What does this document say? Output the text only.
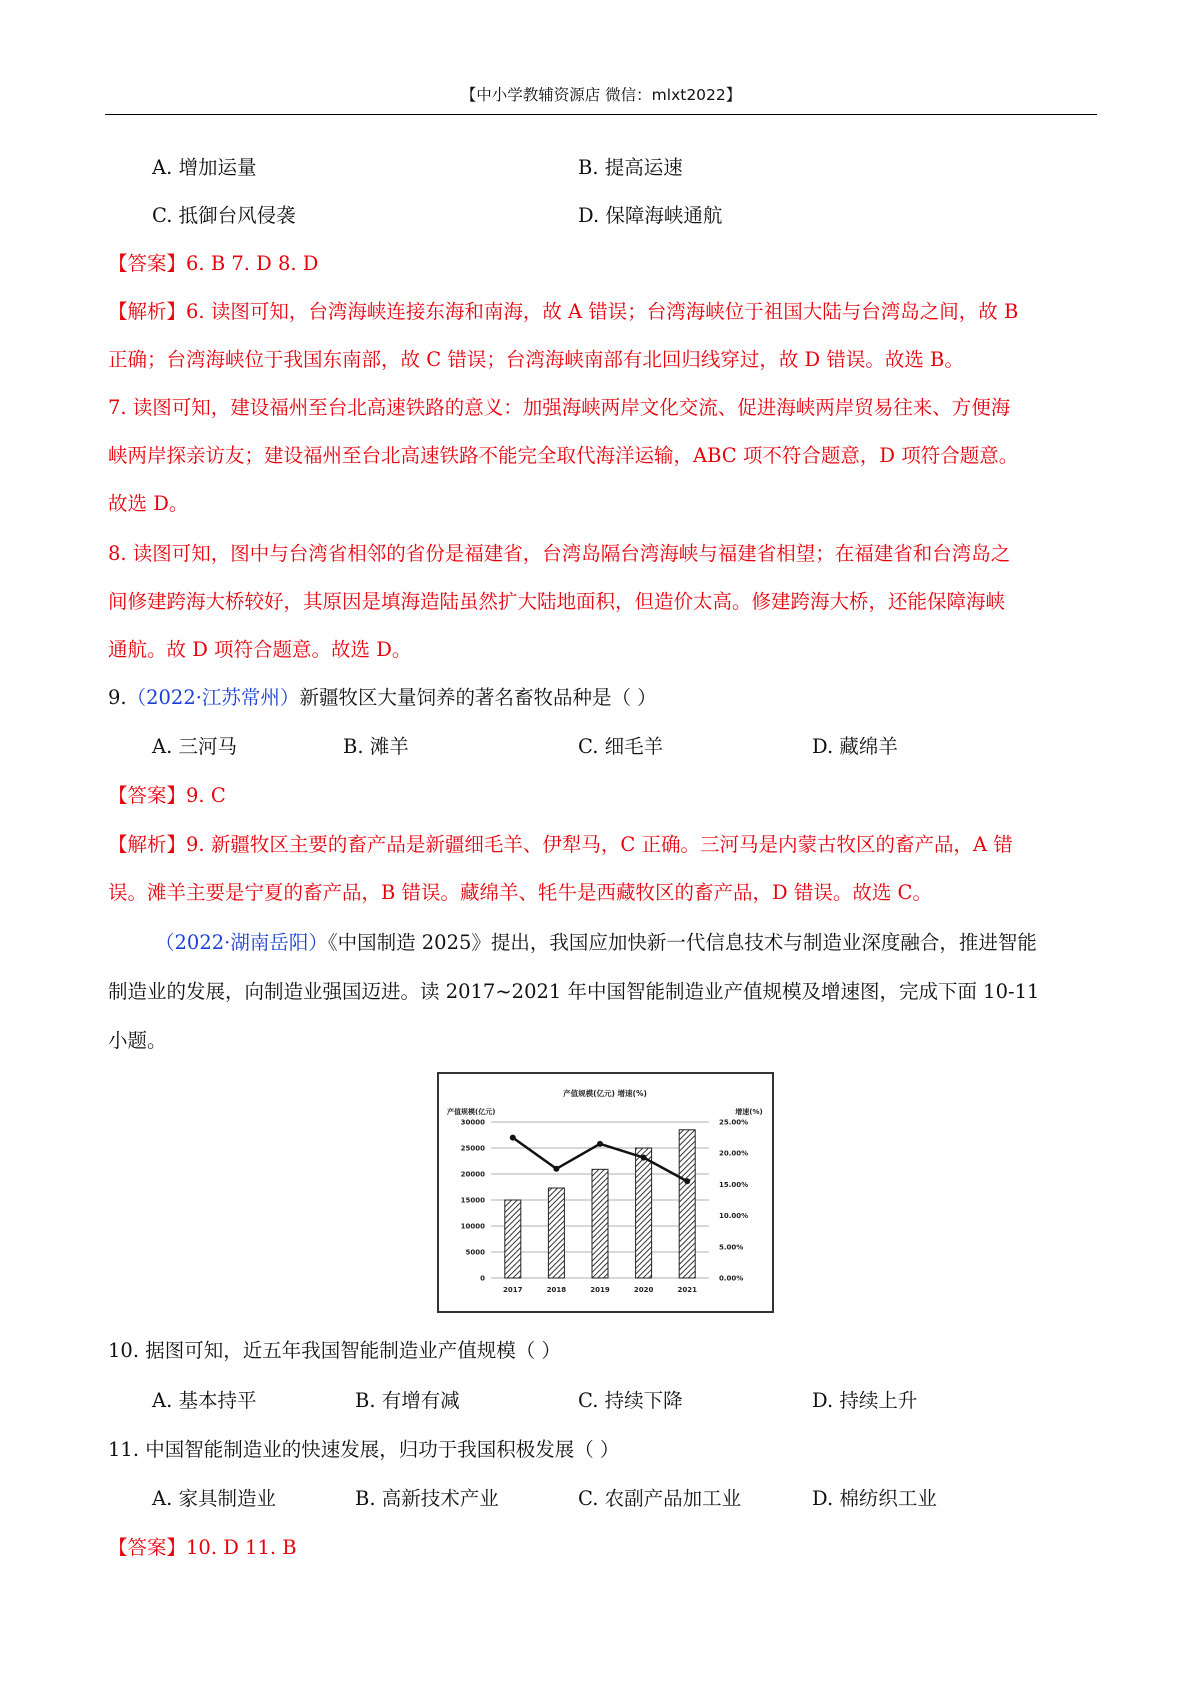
【中小学教辅资源店 微信：mlxt2022】
A. 增加运量	B. 提高运速
C. 抵御台风侵袭	D. 保障海峡通航
【答案】6. B 7. D 8. D
【解析】6. 读图可知，台湾海峡连接东海和南海，故 A 错误；台湾海峡位于祖国大陆与台湾岛之间，故 B
正确；台湾海峡位于我国东南部，故 C 错误；台湾海峡南部有北回归线穿过，故 D 错误。故选 B。
7. 读图可知，建设福州至台北高速铁路的意义：加强海峡两岸文化交流、促进海峡两岸贸易往来、方便海
峡两岸探亲访友；建设福州至台北高速铁路不能完全取代海洋运输，ABC 项不符合题意，D 项符合题意。
故选 D。
8. 读图可知，图中与台湾省相邻的省份是福建省，台湾岛隔台湾海峡与福建省相望；在福建省和台湾岛之
间修建跨海大桥较好，其原因是填海造陆虽然扩大陆地面积，但造价太高。修建跨海大桥，还能保障海峡
通航。故 D 项符合题意。故选 D。
9.（2022·江苏常州）新疆牧区大量饲养的著名畜牧品种是（ ）
A. 三河马	B. 滩羊	C. 细毛羊	D. 藏绵羊
【答案】9. C
【解析】9. 新疆牧区主要的畜产品是新疆细毛羊、伊犁马，C 正确。三河马是内蒙古牧区的畜产品，A 错
误。滩羊主要是宁夏的畜产品，B 错误。藏绵羊、牦牛是西藏牧区的畜产品，D 错误。故选 C。
（2022·湖南岳阳）《中国制造 2025》提出，我国应加快新一代信息技术与制造业深度融合，推进智能
制造业的发展，向制造业强国迈进。读 2017~2021 年中国智能制造业产值规模及增速图，完成下面 10-11
小题。
产值规模(亿元) 增速(%)
产值规模(亿元)	增速(%)
30000
25000
20000
15000
10000
5000
0
25.00%
20.00%
15.00%
10.00%
5.00%
0.00%
2017	2018	2019	2020	2021
10. 据图可知，近五年我国智能制造业产值规模（ ）
A. 基本持平	B. 有增有减	C. 持续下降	D. 持续上升
11. 中国智能制造业的快速发展，归功于我国积极发展（ ）
A. 家具制造业	B. 高新技术产业	C. 农副产品加工业	D. 棉纺织工业
【答案】10. D 11. B
